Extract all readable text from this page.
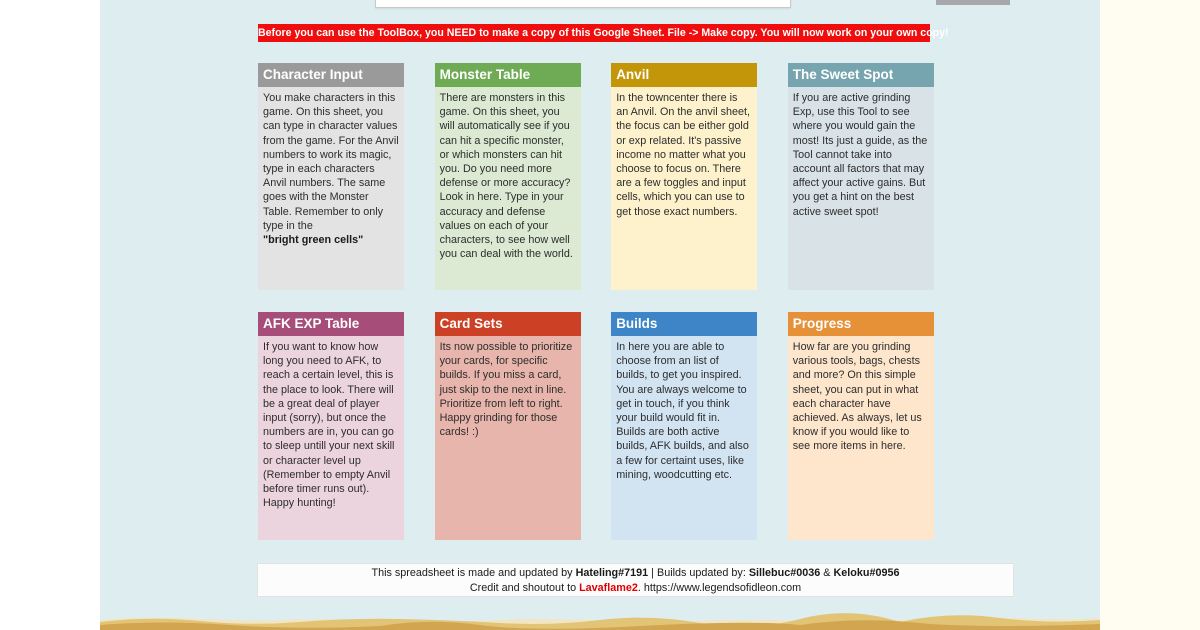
Before you can use the ToolBox, you NEED to make a copy of this Google Sheet. File -> Make copy. You will now work on your own copy!
Character Input
You make characters in this game. On this sheet, you can type in character values from the game. For the Anvil numbers to work its magic, type in each characters Anvil numbers. The same goes with the Monster Table. Remember to only type in the
"bright green cells"
Monster Table
There are monsters in this game. On this sheet, you will automatically see if you can hit a specific monster, or which monsters can hit you. Do you need more defense or more accuracy? Look in here. Type in your accuracy and defense values on each of your characters, to see how well you can deal with the world.
Anvil
In the towncenter there is an Anvil. On the anvil sheet, the focus can be either gold or exp related. It's passive income no matter what you choose to focus on. There are a few toggles and input cells, which you can use to get those exact numbers.
The Sweet Spot
If you are active grinding Exp, use this Tool to see where you would gain the most! Its just a guide, as the Tool cannot take into account all factors that may affect your active gains. But you get a hint on the best active sweet spot!
AFK EXP Table
If you want to know how long you need to AFK, to reach a certain level, this is the place to look. There will be a great deal of player input (sorry), but once the numbers are in, you can go to sleep untill your next skill or character level up (Remember to empty Anvil before timer runs out). Happy hunting!
Card Sets
Its now possible to prioritize your cards, for specific builds. If you miss a card, just skip to the next in line. Prioritize from left to right. Happy grinding for those cards! :)
Builds
In here you are able to choose from an list of builds, to get you inspired. You are always welcome to get in touch, if you think your build would fit in. Builds are both active builds, AFK builds, and also a few for certaint uses, like mining, woodcutting etc.
Progress
How far are you grinding various tools, bags, chests and more? On this simple sheet, you can put in what each character have achieved. As always, let us know if you would like to see more items in here.
This spreadsheet is made and updated by Hateling#7191 | Builds updated by: Sillebuc#0036 & Keloku#0956
Credit and shoutout to Lavaflame2. https://www.legendsofidleon.com
